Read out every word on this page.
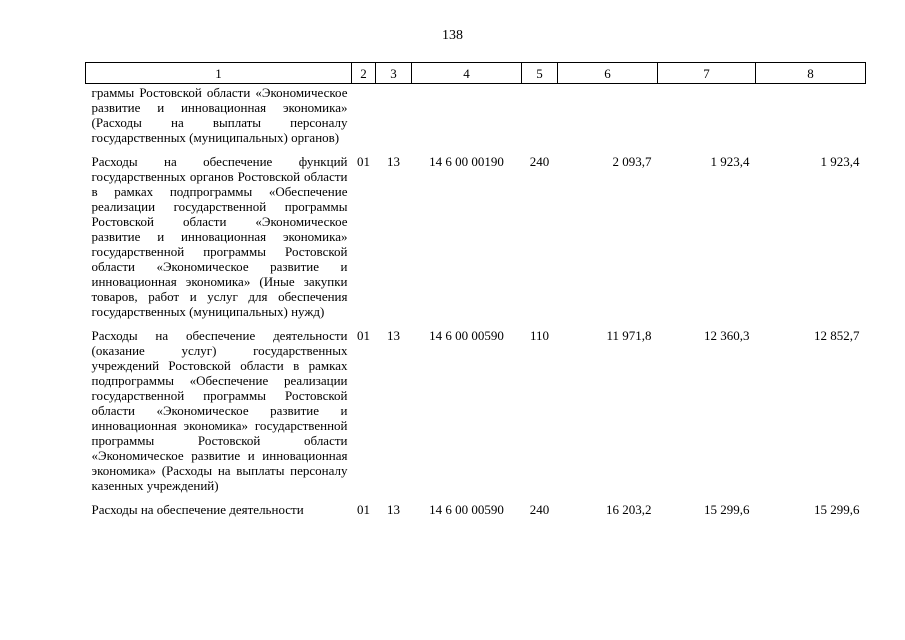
138
1	2	3	4	5	6	7	8
граммы Ростовской области «Экономическое развитие и инновационная экономика» (Расходы на выплаты персоналу государственных (муниципальных) органов)							
Расходы на обеспечение функций государственных органов Ростовской области в рамках подпрограммы «Обеспечение реализации государственной программы Ростовской области «Экономическое развитие и инновационная экономика» государственной программы Ростовской области «Экономическое развитие и инновационная экономика» (Иные закупки товаров, работ и услуг для обеспечения государственных (муниципальных) нужд)	01	13	14 6 00 00190	240	2 093,7	1 923,4	1 923,4
Расходы на обеспечение деятельности (оказание услуг) государственных учреждений Ростовской области в рамках подпрограммы «Обеспечение реализации государственной программы Ростовской области «Экономическое развитие и инновационная экономика» государственной программы Ростовской области «Экономическое развитие и инновационная экономика» (Расходы на выплаты персоналу казенных учреждений)	01	13	14 6 00 00590	110	11 971,8	12 360,3	12 852,7
Расходы на обеспечение деятельности	01	13	14 6 00 00590	240	16 203,2	15 299,6	15 299,6
